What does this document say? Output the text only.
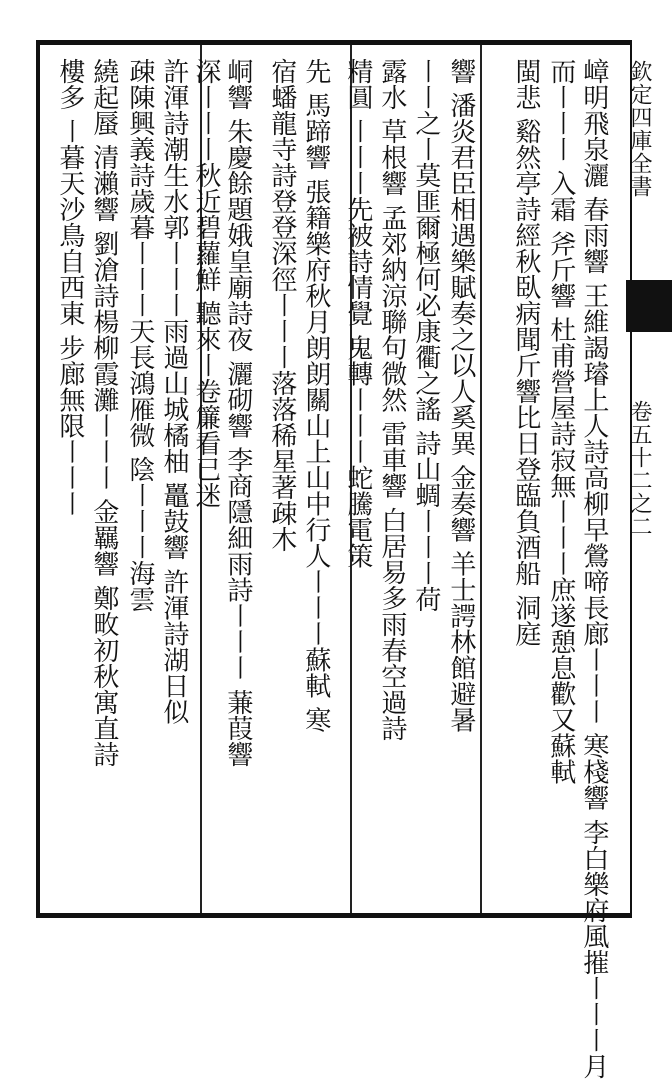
卷五十二之二
欽定四庫全書
嶂明飛泉灑 春雨響 王維謁璿上人詩高柳早鶯啼長廊〡〡〡 寒棧響 李白樂府風摧〡〡〡月
而〡〡〡 入霜 斧斤響 杜甫營屋詩寂無〡〡〡庶遂憩息歡又蘇軾
閩悲 谿然亭詩經秋臥病聞斤響比日登臨負酒船 洞庭
響 潘炎君臣相遇樂賦奏之以人奚異 金奏響 羊士諤林館避暑
〡〡之〡莫匪爾極何必康衢之謠 詩山蜩〡〡〡荷
露水 草根響 孟郊納涼聯句微然 雷車響 白居易多雨春空過詩
精圓 〡〡〡先被詩情覺 鬼轉〡〡〡蛇騰電策
先 馬蹄響 張籍樂府秋月朗朗關山上山中行人〡〡〡蘇軾 寒
宿蟠龍寺詩登登深徑〡〡〡落落稀星著疎木
峒響 朱慶餘題娥皇廟詩夜 灑砌響 李商隱細雨詩〡〡〡 蒹葭響
深〡〡〡秋近碧蘿鮮 聽來〡卷簾看已迷
許渾詩潮生水郭〡〡〡雨過山城橘柚 鼉鼓響 許渾詩湖日似
疎陳興義詩歲暮〡〡〡天長鴻雁微 陰〡〡〡海雲
繞起蜃 清瀨響 劉滄詩楊柳霞灘〡〡〡 金羈響 鄭畋初秋寓直詩
樓多 〡暮天沙鳥自西東 步廊無限〡〡〡
